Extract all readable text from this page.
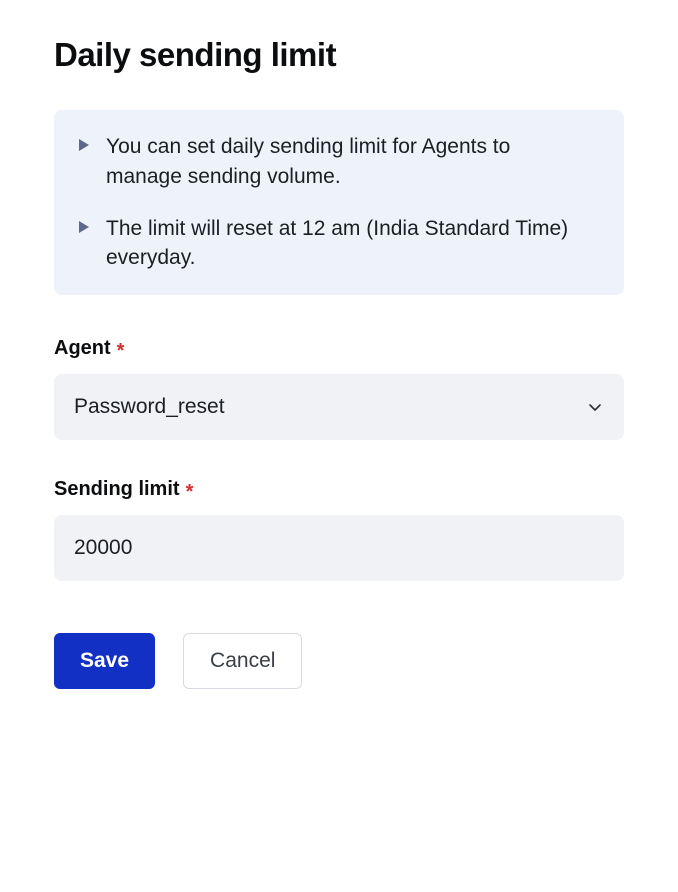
Daily sending limit
You can set daily sending limit for Agents to manage sending volume.
The limit will reset at 12 am (India Standard Time) everyday.
Agent *
Password_reset
Sending limit *
20000
Save	Cancel
